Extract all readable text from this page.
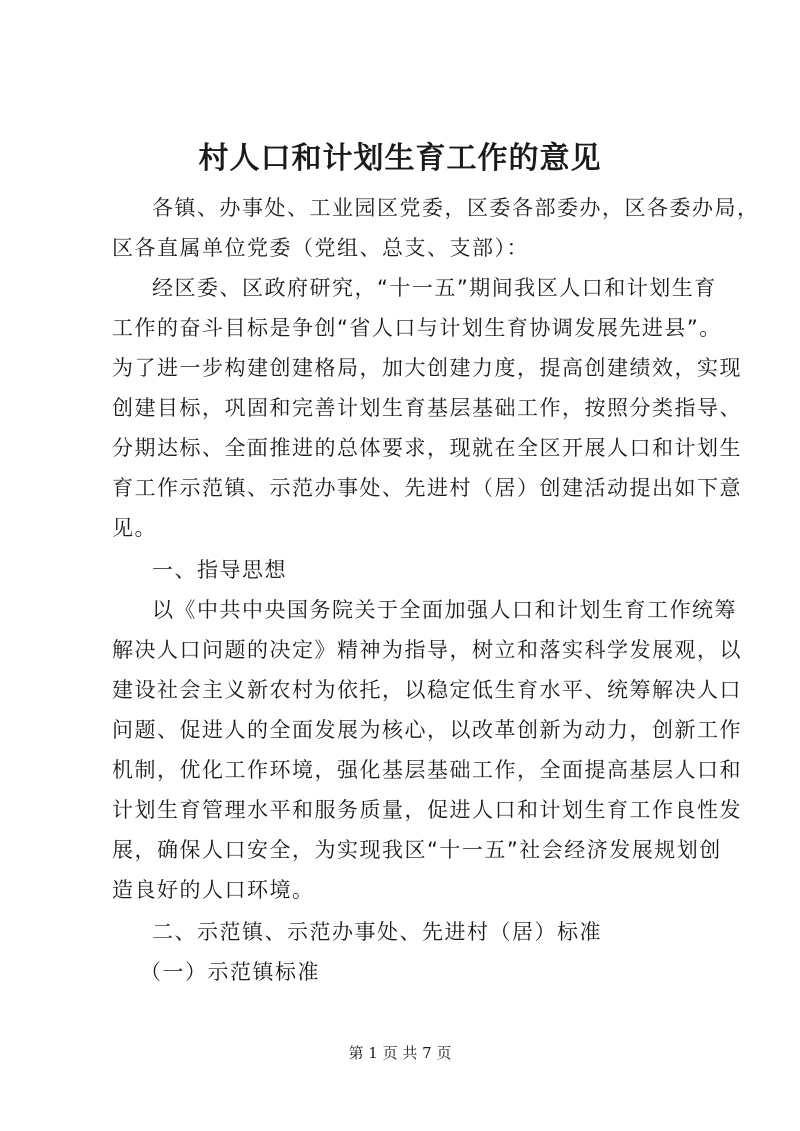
村人口和计划生育工作的意见
各镇、办事处、工业园区党委，区委各部委办，区各委办局，
区各直属单位党委（党组、总支、支部）：
经区委、区政府研究，“十一五”期间我区人口和计划生育
工作的奋斗目标是争创“省人口与计划生育协调发展先进县”。
为了进一步构建创建格局，加大创建力度，提高创建绩效，实现
创建目标，巩固和完善计划生育基层基础工作，按照分类指导、
分期达标、全面推进的总体要求，现就在全区开展人口和计划生
育工作示范镇、示范办事处、先进村（居）创建活动提出如下意
见。
一、指导思想
以《中共中央国务院关于全面加强人口和计划生育工作统筹
解决人口问题的决定》精神为指导，树立和落实科学发展观，以
建设社会主义新农村为依托，以稳定低生育水平、统筹解决人口
问题、促进人的全面发展为核心，以改革创新为动力，创新工作
机制，优化工作环境，强化基层基础工作，全面提高基层人口和
计划生育管理水平和服务质量，促进人口和计划生育工作良性发
展，确保人口安全，为实现我区“十一五”社会经济发展规划创
造良好的人口环境。
二、示范镇、示范办事处、先进村（居）标准
（一）示范镇标准
第 1 页 共 7 页
